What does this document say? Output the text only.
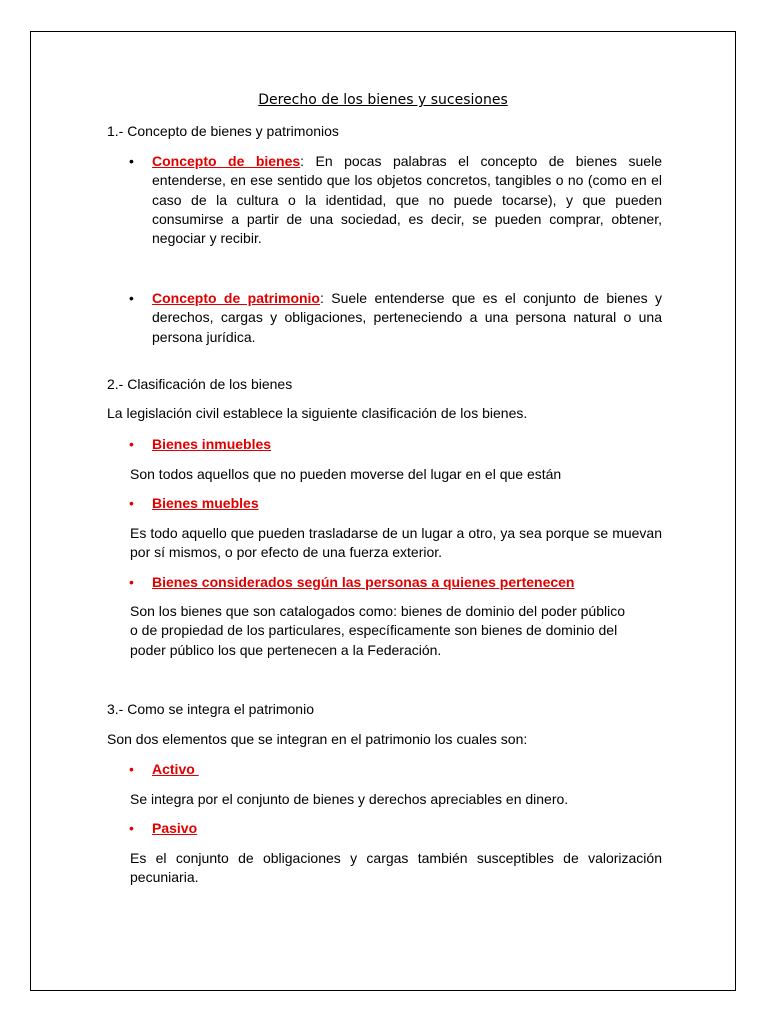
Derecho de los bienes y sucesiones

1.- Concepto de bienes y patrimonios

• Concepto de bienes: En pocas palabras el concepto de bienes suele entenderse, en ese sentido que los objetos concretos, tangibles o no (como en el caso de la cultura o la identidad, que no puede tocarse), y que pueden consumirse a partir de una sociedad, es decir, se pueden comprar, obtener, negociar y recibir.

• Concepto de patrimonio: Suele entenderse que es el conjunto de bienes y derechos, cargas y obligaciones, perteneciendo a una persona natural o una persona jurídica.

2.- Clasificación de los bienes

La legislación civil establece la siguiente clasificación de los bienes.

• Bienes inmuebles

Son todos aquellos que no pueden moverse del lugar en el que están

• Bienes muebles

Es todo aquello que pueden trasladarse de un lugar a otro, ya sea porque se muevan por sí mismos, o por efecto de una fuerza exterior.

• Bienes considerados según las personas a quienes pertenecen

Son los bienes que son catalogados como: bienes de dominio del poder público o de propiedad de los particulares, específicamente son bienes de dominio del poder público los que pertenecen a la Federación.

3.- Como se integra el patrimonio

Son dos elementos que se integran en el patrimonio los cuales son:

• Activo

Se integra por el conjunto de bienes y derechos apreciables en dinero.

• Pasivo

Es el conjunto de obligaciones y cargas también susceptibles de valorización pecuniaria.
